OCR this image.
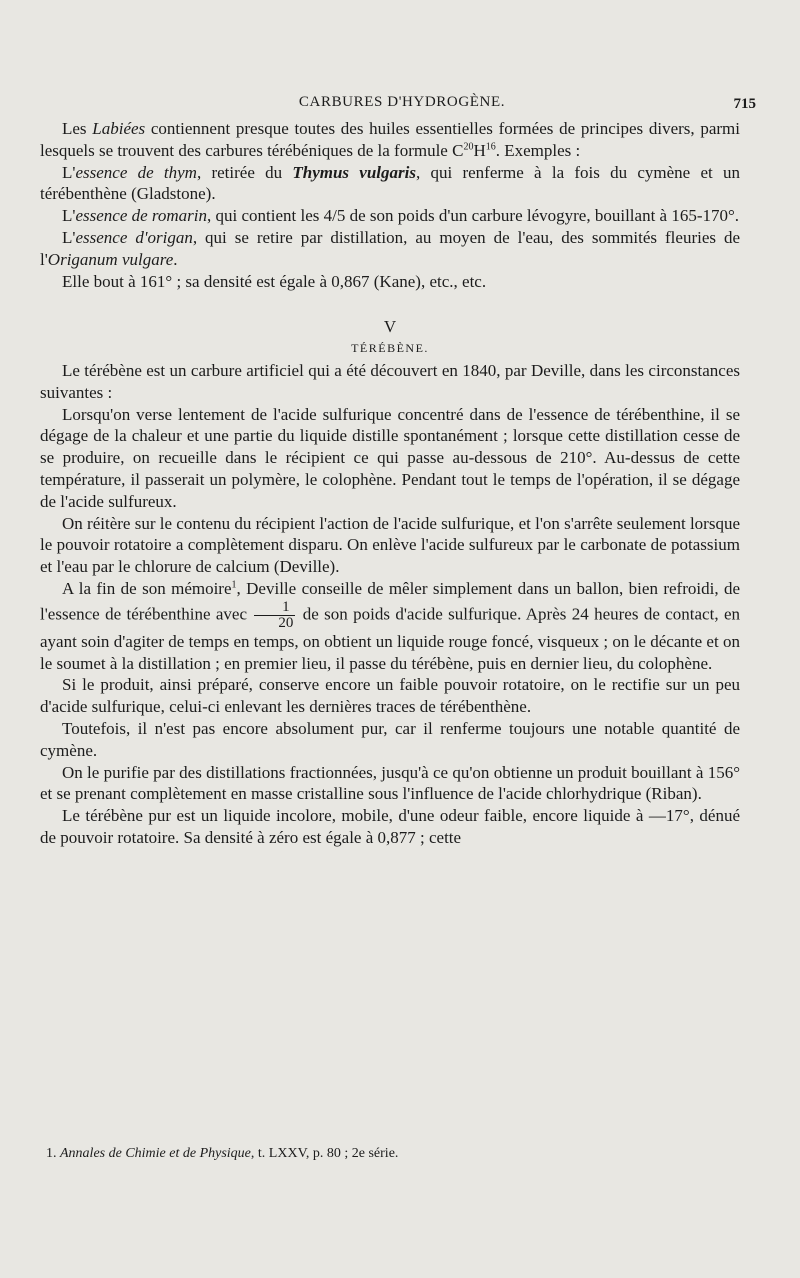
CARBURES D'HYDROGÈNE.	715

Les Labiées contiennent presque toutes des huiles essentielles formées de principes divers, parmi lesquels se trouvent des carbures térébéniques de la formule $C^{20}H^{16}$. Exemples :

L'essence de thym, retirée du Thymus vulgaris, qui renferme à la fois du cymène et un térébenthène (Gladstone).

L'essence de romarin, qui contient les 4/5 de son poids d'un carbure lévogyre, bouillant à 165-170°.

L'essence d'origan, qui se retire par distillation, au moyen de l'eau, des sommités fleuries de l'Origanum vulgare.

Elle bout à 161° ; sa densité est égale à 0,867 (Kane), etc., etc.

V

TÉRÉBÈNE.

Le térébène est un carbure artificiel qui a été découvert en 1840, par Deville, dans les circonstances suivantes :

Lorsqu'on verse lentement de l'acide sulfurique concentré dans de l'essence de térébenthine, il se dégage de la chaleur et une partie du liquide distille spontanément ; lorsque cette distillation cesse de se produire, on recueille dans le récipient ce qui passe au-dessous de 210°. Au-dessus de cette température, il passerait un polymère, le colophène. Pendant tout le temps de l'opération, il se dégage de l'acide sulfureux.

On réitère sur le contenu du récipient l'action de l'acide sulfurique, et l'on s'arrête seulement lorsque le pouvoir rotatoire a complètement disparu. On enlève l'acide sulfureux par le carbonate de potassium et l'eau par le chlorure de calcium (Deville).

A la fin de son mémoire$^1$, Deville conseille de mêler simplement dans un ballon, bien refroidi, de l'essence de térébenthine avec $\frac{1}{20}$ de son poids d'acide sulfurique. Après 24 heures de contact, en ayant soin d'agiter de temps en temps, on obtient un liquide rouge foncé, visqueux ; on le décante et on le soumet à la distillation ; en premier lieu, il passe du térébène, puis en dernier lieu, du colophène.

Si le produit, ainsi préparé, conserve encore un faible pouvoir rotatoire, on le rectifie sur un peu d'acide sulfurique, celui-ci enlevant les dernières traces de térébenthène.

Toutefois, il n'est pas encore absolument pur, car il renferme toujours une notable quantité de cymène.

On le purifie par des distillations fractionnées, jusqu'à ce qu'on obtienne un produit bouillant à 156° et se prenant complètement en masse cristalline sous l'influence de l'acide chlorhydrique (Riban).

Le térébène pur est un liquide incolore, mobile, d'une odeur faible, encore liquide à —17°, dénué de pouvoir rotatoire. Sa densité à zéro est égale à 0,877 ; cette

1. Annales de Chimie et de Physique, t. LXXV, p. 80 ; 2e série.
